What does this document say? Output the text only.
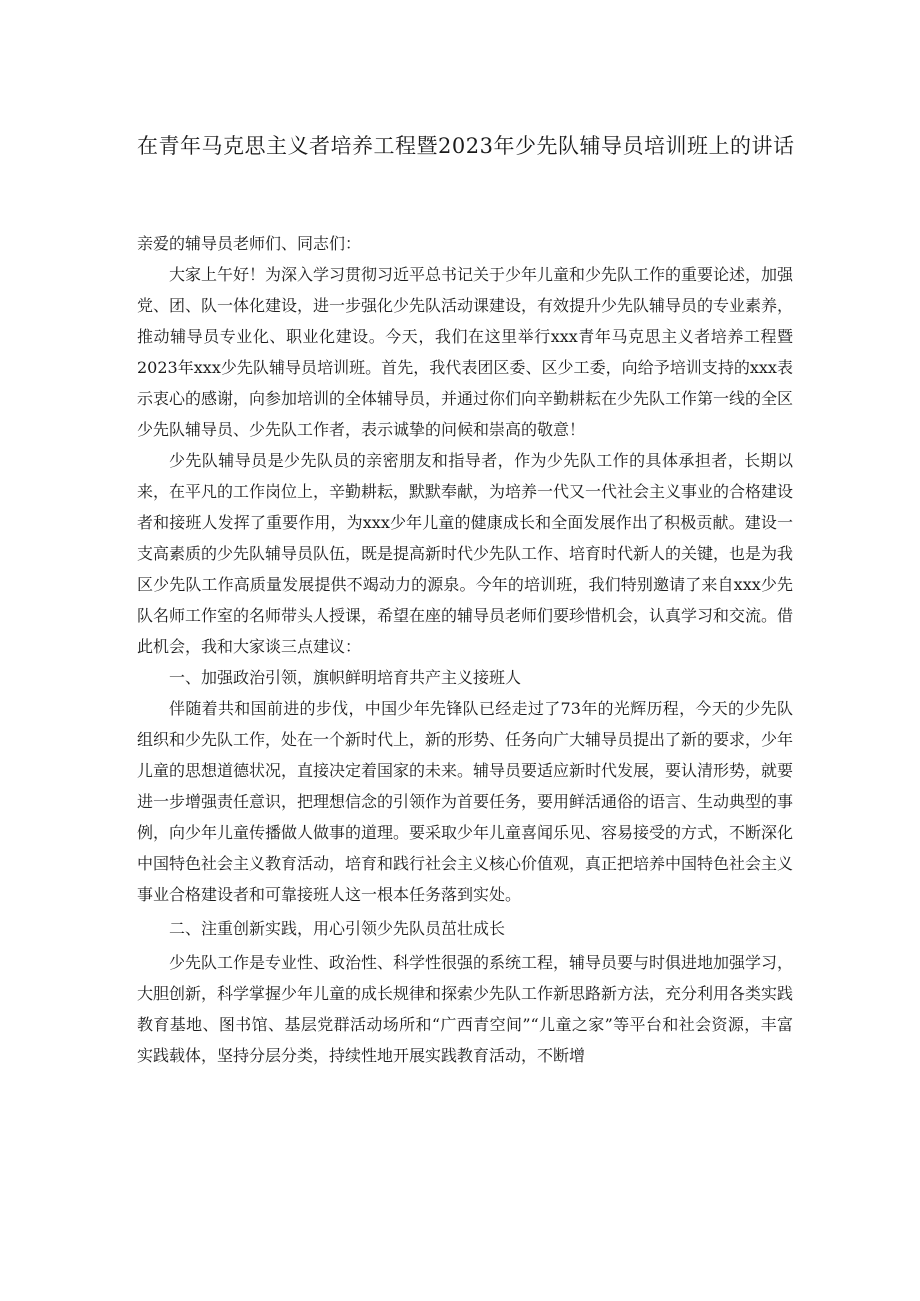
在青年马克思主义者培养工程暨2023年少先队辅导员培训班上的讲话

亲爱的辅导员老师们、同志们：

大家上午好！为深入学习贯彻习近平总书记关于少年儿童和少先队工作的重要论述，加强党、团、队一体化建设，进一步强化少先队活动课建设，有效提升少先队辅导员的专业素养，推动辅导员专业化、职业化建设。今天，我们在这里举行xxx青年马克思主义者培养工程暨2023年xxx少先队辅导员培训班。首先，我代表团区委、区少工委，向给予培训支持的xxx表示衷心的感谢，向参加培训的全体辅导员，并通过你们向辛勤耕耘在少先队工作第一线的全区少先队辅导员、少先队工作者，表示诚挚的问候和崇高的敬意！

少先队辅导员是少先队员的亲密朋友和指导者，作为少先队工作的具体承担者，长期以来，在平凡的工作岗位上，辛勤耕耘，默默奉献，为培养一代又一代社会主义事业的合格建设者和接班人发挥了重要作用，为xxx少年儿童的健康成长和全面发展作出了积极贡献。建设一支高素质的少先队辅导员队伍，既是提高新时代少先队工作、培育时代新人的关键，也是为我区少先队工作高质量发展提供不竭动力的源泉。今年的培训班，我们特别邀请了来自xxx少先队名师工作室的名师带头人授课，希望在座的辅导员老师们要珍惜机会，认真学习和交流。借此机会，我和大家谈三点建议：

一、加强政治引领，旗帜鲜明培育共产主义接班人

伴随着共和国前进的步伐，中国少年先锋队已经走过了73年的光辉历程，今天的少先队组织和少先队工作，处在一个新时代上，新的形势、任务向广大辅导员提出了新的要求，少年儿童的思想道德状况，直接决定着国家的未来。辅导员要适应新时代发展，要认清形势，就要进一步增强责任意识，把理想信念的引领作为首要任务，要用鲜活通俗的语言、生动典型的事例，向少年儿童传播做人做事的道理。要采取少年儿童喜闻乐见、容易接受的方式，不断深化中国特色社会主义教育活动，培育和践行社会主义核心价值观，真正把培养中国特色社会主义事业合格建设者和可靠接班人这一根本任务落到实处。

二、注重创新实践，用心引领少先队员茁壮成长

少先队工作是专业性、政治性、科学性很强的系统工程，辅导员要与时俱进地加强学习，大胆创新，科学掌握少年儿童的成长规律和探索少先队工作新思路新方法，充分利用各类实践教育基地、图书馆、基层党群活动场所和“广西青空间”“儿童之家”等平台和社会资源，丰富实践载体，坚持分层分类，持续性地开展实践教育活动，不断增
